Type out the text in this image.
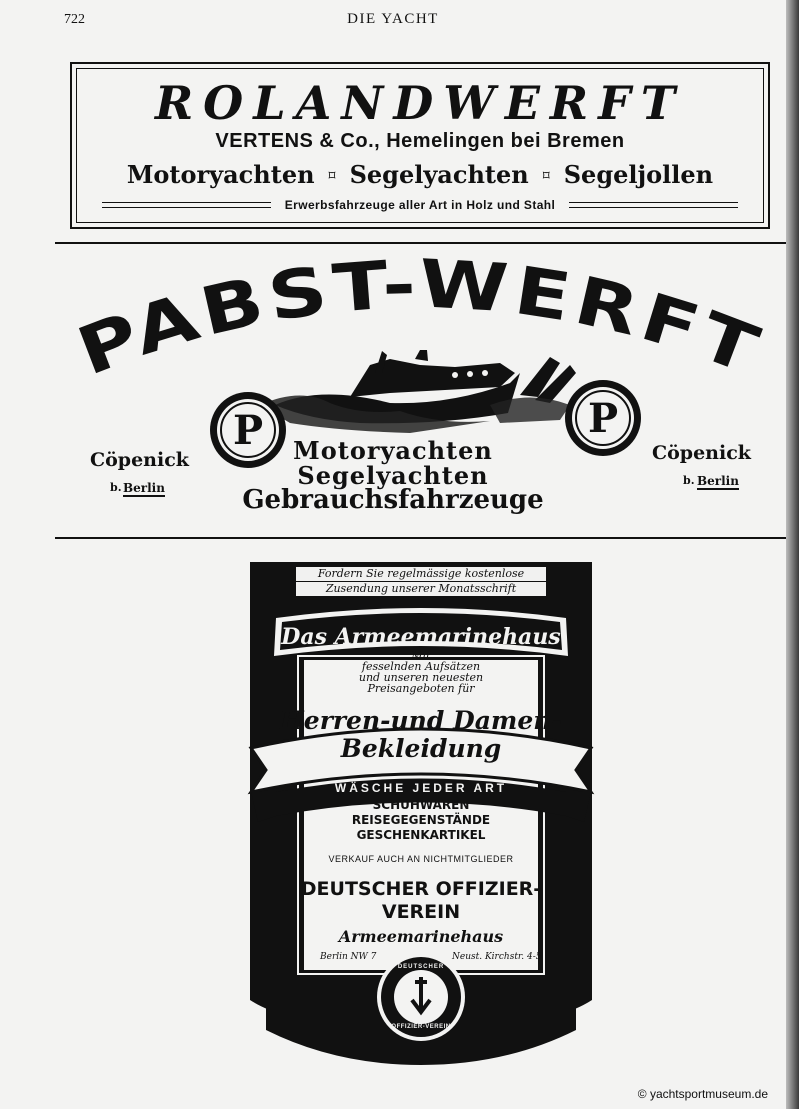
722	DIE YACHT
ROLANDWERFT
VERTENS & Co., Hemelingen bei Bremen
Motoryachten ⌑ Segelyachten ⌑ Segeljollen
Erwerbsfahrzeuge aller Art in Holz und Stahl
PABST-WERFT
P	P
Motoryachten
Segelyachten
Gebrauchsfahrzeuge
Cöpenick
b. Berlin
Cöpenick
b. Berlin
Fordern Sie regelmässige kostenlose
Zusendung unserer Monatsschrift
Das Armeemarinehaus
Mit
fesselnden Aufsätzen
und unseren neuesten
Preisangeboten für
Herren-und Damen-
Bekleidung
WÄSCHE JEDER ART
SCHUHWAREN
REISEGEGENSTÄNDE
GESCHENKARTIKEL
VERKAUF AUCH AN NICHTMITGLIEDER
DEUTSCHER OFFIZIER-
VEREIN
Armeemarinehaus
Berlin NW 7	Neust. Kirchstr. 4-5
DEUTSCHER
OFFIZIER-VEREIN
© yachtsportmuseum.de
